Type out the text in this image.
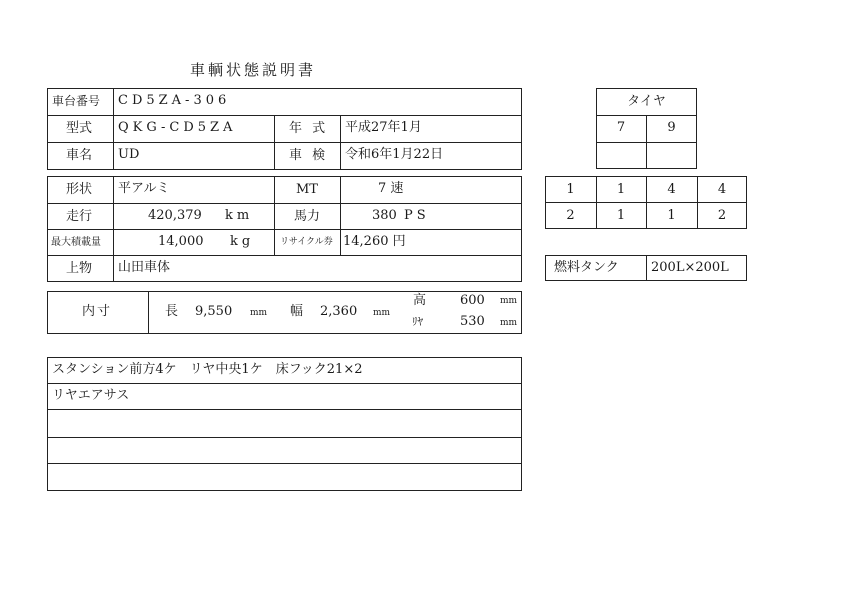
車輌状態説明書
車台番号 CD5ZA-306
型式 QKG-CD5ZA	年 式 平成27年1月
車名 UD	車 検 令和6年1月22日
形状 平アルミ	MT	7 速
走行	420,379 km	馬力	380 PS
最大積載量	14,000 kg	リサイクル券 14,260 円
上物 山田車体
内寸	長 9,550 mm 幅 2,360 mm
高	600 mm
ﾘﾔ	530 mm
スタンション前方4ケ　リヤ中央1ケ　床フック21×2
リヤエアサス
タイヤ
7	9
1	1	4	4
2	1	1	2
燃料タンク 200L×200L
